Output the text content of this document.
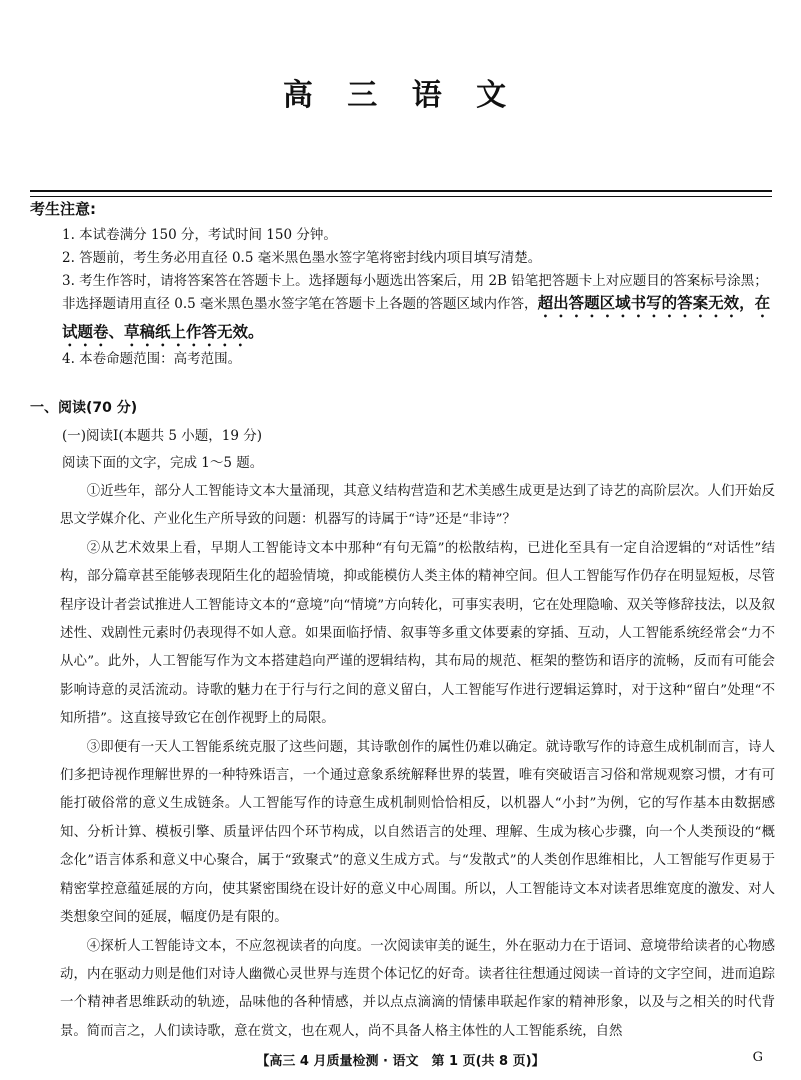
高 三 语 文
考生注意:
1. 本试卷满分 150 分，考试时间 150 分钟。
2. 答题前，考生务必用直径 0.5 毫米黑色墨水签字笔将密封线内项目填写清楚。
3. 考生作答时，请将答案答在答题卡上。选择题每小题选出答案后，用 2B 铅笔把答题卡上对应题目的答案标号涂黑；非选择题请用直径 0.5 毫米黑色墨水签字笔在答题卡上各题的答题区域内作答，超出答题区域书写的答案无效，在试题卷、草稿纸上作答无效。
4. 本卷命题范围：高考范围。
一、阅读(70 分)
(一)阅读Ⅰ(本题共 5 小题，19 分)
阅读下面的文字，完成 1～5 题。

①近些年，部分人工智能诗文本大量涌现，其意义结构营造和艺术美感生成更是达到了诗艺的高阶层次。人们开始反思文学媒介化、产业化生产所导致的问题：机器写的诗属于“诗”还是“非诗”？

②从艺术效果上看，早期人工智能诗文本中那种“有句无篇”的松散结构，已进化至具有一定自洽逻辑的“对话性”结构，部分篇章甚至能够表现陌生化的超验情境，抑或能模仿人类主体的精神空间。但人工智能写作仍存在明显短板，尽管程序设计者尝试推进人工智能诗文本的“意境”向“情境”方向转化，可事实表明，它在处理隐喻、双关等修辞技法，以及叙述性、戏剧性元素时仍表现得不如人意。如果面临抒情、叙事等多重文体要素的穿插、互动，人工智能系统经常会“力不从心”。此外，人工智能写作为文本搭建趋向严谨的逻辑结构，其布局的规范、框架的整饬和语序的流畅，反而有可能会影响诗意的灵活流动。诗歌的魅力在于行与行之间的意义留白，人工智能写作进行逻辑运算时，对于这种“留白”处理“不知所措”。这直接导致它在创作视野上的局限。

③即便有一天人工智能系统克服了这些问题，其诗歌创作的属性仍难以确定。就诗歌写作的诗意生成机制而言，诗人们多把诗视作理解世界的一种特殊语言，一个通过意象系统解释世界的装置，唯有突破语言习俗和常规观察习惯，才有可能打破俗常的意义生成链条。人工智能写作的诗意生成机制则恰恰相反，以机器人“小封”为例，它的写作基本由数据感知、分析计算、模板引擎、质量评估四个环节构成，以自然语言的处理、理解、生成为核心步骤，向一个人类预设的“概念化”语言体系和意义中心聚合，属于“致聚式”的意义生成方式。与“发散式”的人类创作思维相比，人工智能写作更易于精密掌控意蕴延展的方向，使其紧密围绕在设计好的意义中心周围。所以，人工智能诗文本对读者思维宽度的激发、对人类想象空间的延展，幅度仍是有限的。

④探析人工智能诗文本，不应忽视读者的向度。一次阅读审美的诞生，外在驱动力在于语词、意境带给读者的心物感动，内在驱动力则是他们对诗人幽微心灵世界与连贯个体记忆的好奇。读者往往想通过阅读一首诗的文字空间，进而追踪一个精神者思维跃动的轨迹，品味他的各种情感，并以点点滴滴的情愫串联起作家的精神形象，以及与之相关的时代背景。简而言之，人们读诗歌，意在赏文，也在观人，尚不具备人格主体性的人工智能系统，自然

【高三 4 月质量检测 · 语文　第 1 页(共 8 页)】	G
